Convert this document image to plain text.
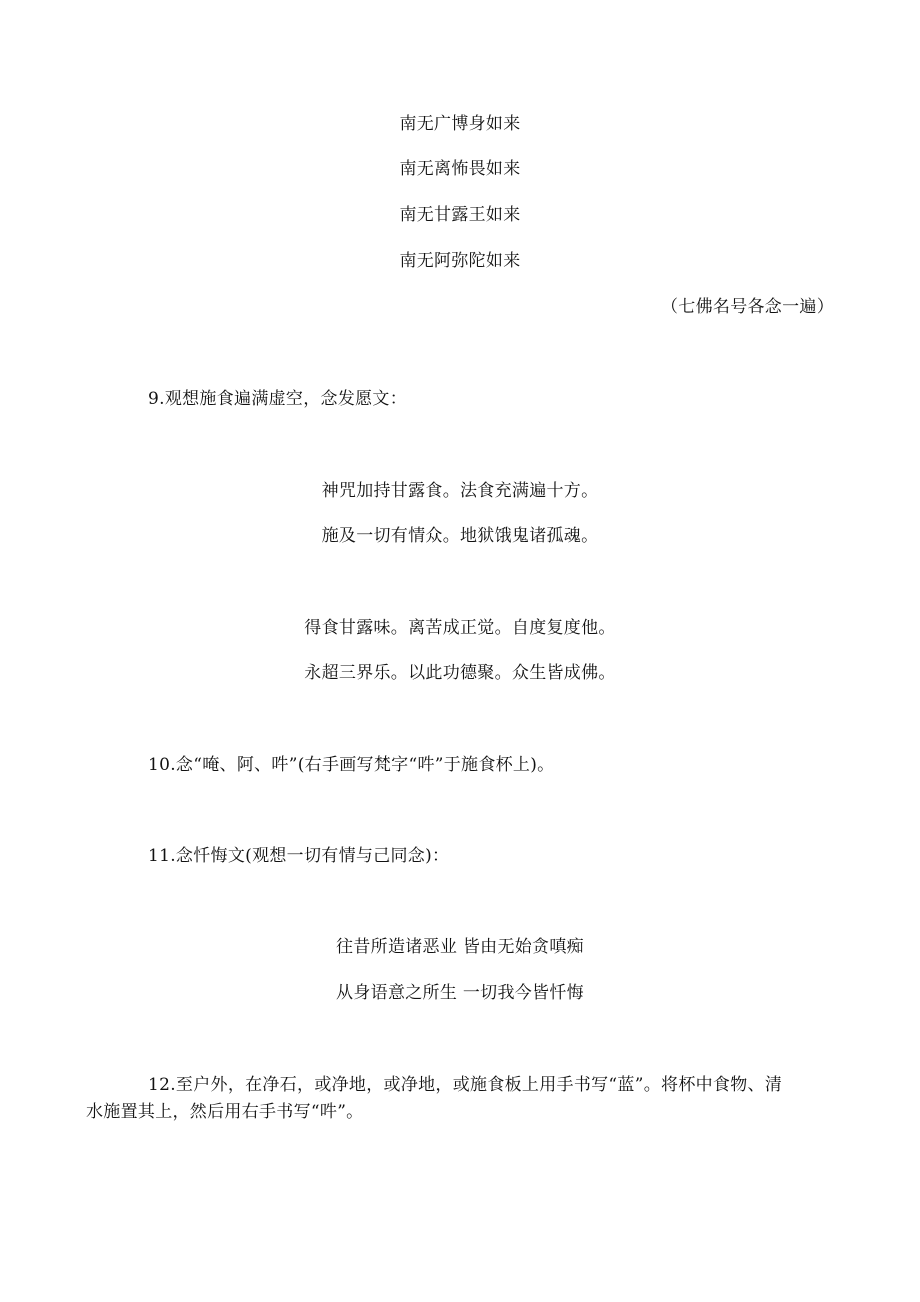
南无广博身如来
南无离怖畏如来
南无甘露王如来
南无阿弥陀如来
（七佛名号各念一遍）
9.观想施食遍满虚空，念发愿文：
神咒加持甘露食。法食充满遍十方。
施及一切有情众。地狱饿鬼诸孤魂。
得食甘露味。离苦成正觉。自度复度他。
永超三界乐。以此功德聚。众生皆成佛。
10.念“唵、阿、吽”(右手画写梵字“吽”于施食杯上)。
11.念忏悔文(观想一切有情与己同念)：
往昔所造诸恶业 皆由无始贪嗔痴
从身语意之所生 一切我今皆忏悔
12.至户外，在净石，或净地，或净地，或施食板上用手书写“蓝”。将杯中食物、清
水施置其上，然后用右手书写“吽”。
